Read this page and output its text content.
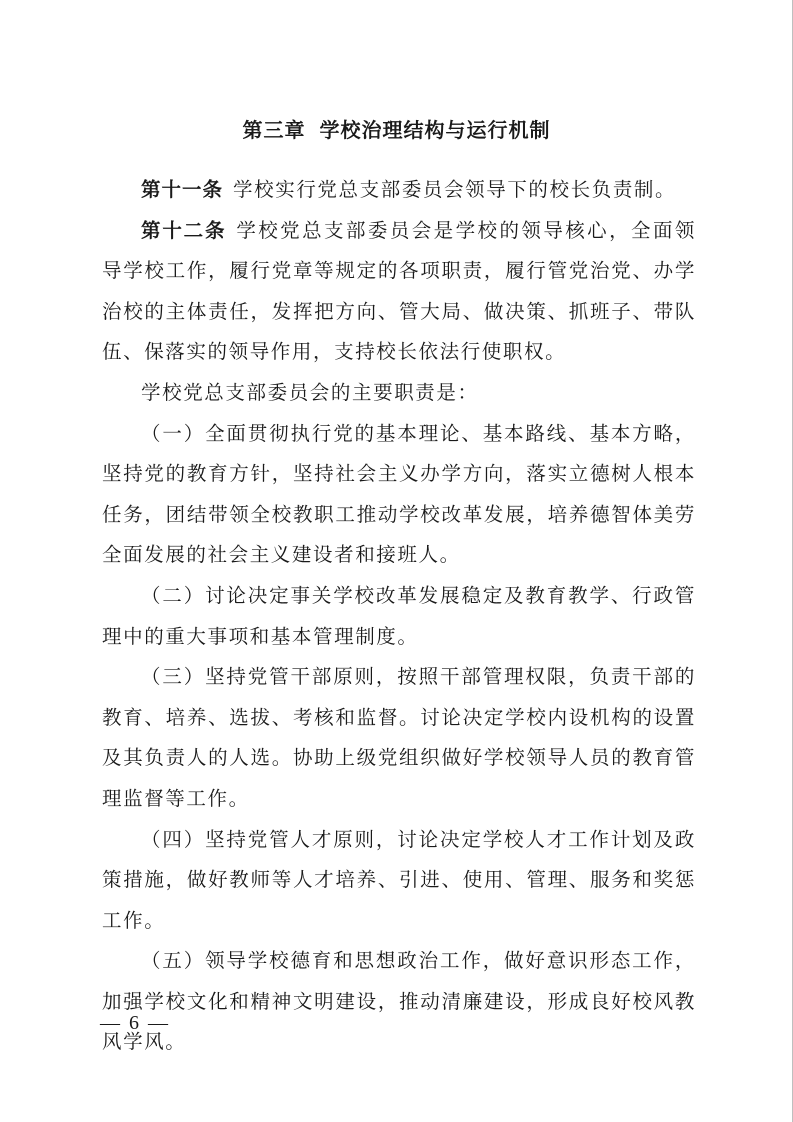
第三章 学校治理结构与运行机制

第十一条 学校实行党总支部委员会领导下的校长负责制。

第十二条 学校党总支部委员会是学校的领导核心，全面领导学校工作，履行党章等规定的各项职责，履行管党治党、办学治校的主体责任，发挥把方向、管大局、做决策、抓班子、带队伍、保落实的领导作用，支持校长依法行使职权。

学校党总支部委员会的主要职责是：

（一）全面贯彻执行党的基本理论、基本路线、基本方略，坚持党的教育方针，坚持社会主义办学方向，落实立德树人根本任务，团结带领全校教职工推动学校改革发展，培养德智体美劳全面发展的社会主义建设者和接班人。

（二）讨论决定事关学校改革发展稳定及教育教学、行政管理中的重大事项和基本管理制度。

（三）坚持党管干部原则，按照干部管理权限，负责干部的教育、培养、选拔、考核和监督。讨论决定学校内设机构的设置及其负责人的人选。协助上级党组织做好学校领导人员的教育管理监督等工作。

（四）坚持党管人才原则，讨论决定学校人才工作计划及政策措施，做好教师等人才培养、引进、使用、管理、服务和奖惩工作。

（五）领导学校德育和思想政治工作，做好意识形态工作，加强学校文化和精神文明建设，推动清廉建设，形成良好校风教风学风。

— 6 —
